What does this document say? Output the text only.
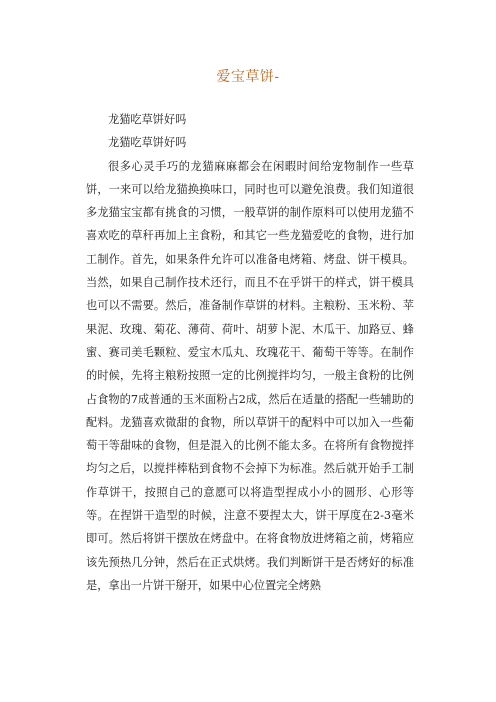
爱宝草饼-

龙猫吃草饼好吗

龙猫吃草饼好吗

很多心灵手巧的龙猫麻麻都会在闲暇时间给宠物制作一些草饼，一来可以给龙猫换换味口，同时也可以避免浪费。我们知道很多龙猫宝宝都有挑食的习惯，一般草饼的制作原料可以使用龙猫不喜欢吃的草秆再加上主食粉，和其它一些龙猫爱吃的食物，进行加工制作。首先，如果条件允许可以准备电烤箱、烤盘、饼干模具。当然，如果自己制作技术还行，而且不在乎饼干的样式，饼干模具也可以不需要。然后，准备制作草饼的材料。主粮粉、玉米粉、苹果泥、玫瑰、菊花、薄荷、荷叶、胡萝卜泥、木瓜干、加路豆、蜂蜜、赛司美毛颗粒、爱宝木瓜丸、玫瑰花干、葡萄干等等。在制作的时候，先将主粮粉按照一定的比例搅拌均匀，一般主食粉的比例占食物的7成普通的玉米面粉占2成，然后在适量的搭配一些辅助的配料。龙猫喜欢微甜的食物，所以草饼干的配料中可以加入一些葡萄干等甜味的食物，但是混入的比例不能太多。在将所有食物搅拌均匀之后，以搅拌棒粘到食物不会掉下为标准。然后就开始手工制作草饼干，按照自己的意愿可以将造型捏成小小的圆形、心形等等。在捏饼干造型的时候，注意不要捏太大，饼干厚度在2-3毫米即可。然后将饼干摆放在烤盘中。在将食物放进烤箱之前，烤箱应该先预热几分钟，然后在正式烘烤。我们判断饼干是否烤好的标准是，拿出一片饼干掰开，如果中心位置完全烤熟
